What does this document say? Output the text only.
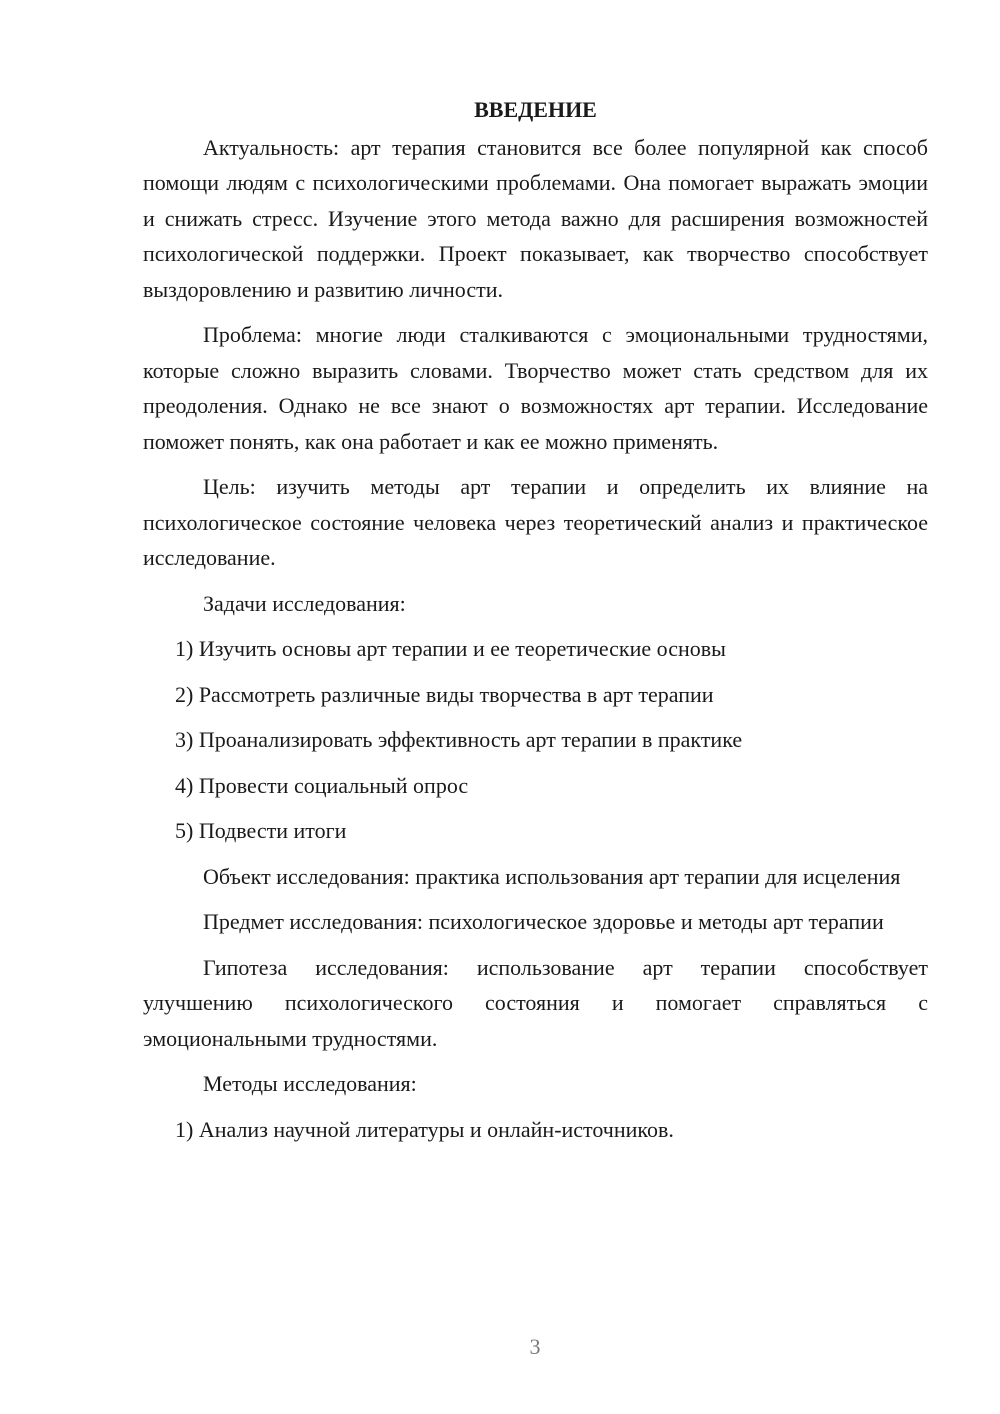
ВВЕДЕНИЕ

Актуальность: арт терапия становится все более популярной как способ помощи людям с психологическими проблемами. Она помогает выражать эмоции и снижать стресс. Изучение этого метода важно для расширения возможностей психологической поддержки. Проект показывает, как творчество способствует выздоровлению и развитию личности.

Проблема: многие люди сталкиваются с эмоциональными трудностями, которые сложно выразить словами. Творчество может стать средством для их преодоления. Однако не все знают о возможностях арт терапии. Исследование поможет понять, как она работает и как ее можно применять.

Цель: изучить методы арт терапии и определить их влияние на психологическое состояние человека через теоретический анализ и практическое исследование.

Задачи исследования:

1) Изучить основы арт терапии и ее теоретические основы
2) Рассмотреть различные виды творчества в арт терапии
3) Проанализировать эффективность арт терапии в практике
4) Провести социальный опрос
5) Подвести итоги

Объект исследования: практика использования арт терапии для исцеления

Предмет исследования: психологическое здоровье и методы арт терапии

Гипотеза исследования: использование арт терапии способствует улучшению психологического состояния и помогает справляться с эмоциональными трудностями.

Методы исследования:

1) Анализ научной литературы и онлайн-источников.
3
